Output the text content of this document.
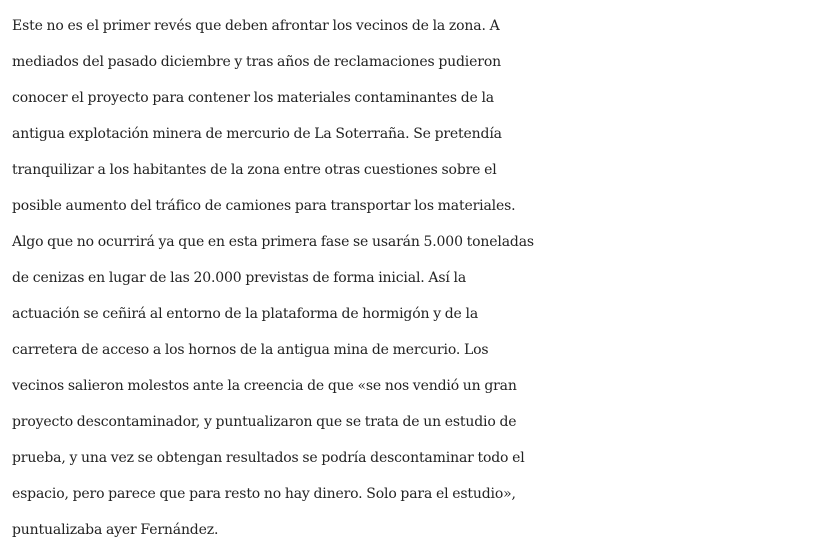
Este no es el primer revés que deben afrontar los vecinos de la zona. A
mediados del pasado diciembre y tras años de reclamaciones pudieron
conocer el proyecto para contener los materiales contaminantes de la
antigua explotación minera de mercurio de La Soterraña. Se pretendía
tranquilizar a los habitantes de la zona entre otras cuestiones sobre el
posible aumento del tráfico de camiones para transportar los materiales.
Algo que no ocurrirá ya que en esta primera fase se usarán 5.000 toneladas
de cenizas en lugar de las 20.000 previstas de forma inicial. Así la
actuación se ceñirá al entorno de la plataforma de hormigón y de la
carretera de acceso a los hornos de la antigua mina de mercurio. Los
vecinos salieron molestos ante la creencia de que «se nos vendió un gran
proyecto descontaminador, y puntualizaron que se trata de un estudio de
prueba, y una vez se obtengan resultados se podría descontaminar todo el
espacio, pero parece que para resto no hay dinero. Solo para el estudio»,
puntualizaba ayer Fernández.
